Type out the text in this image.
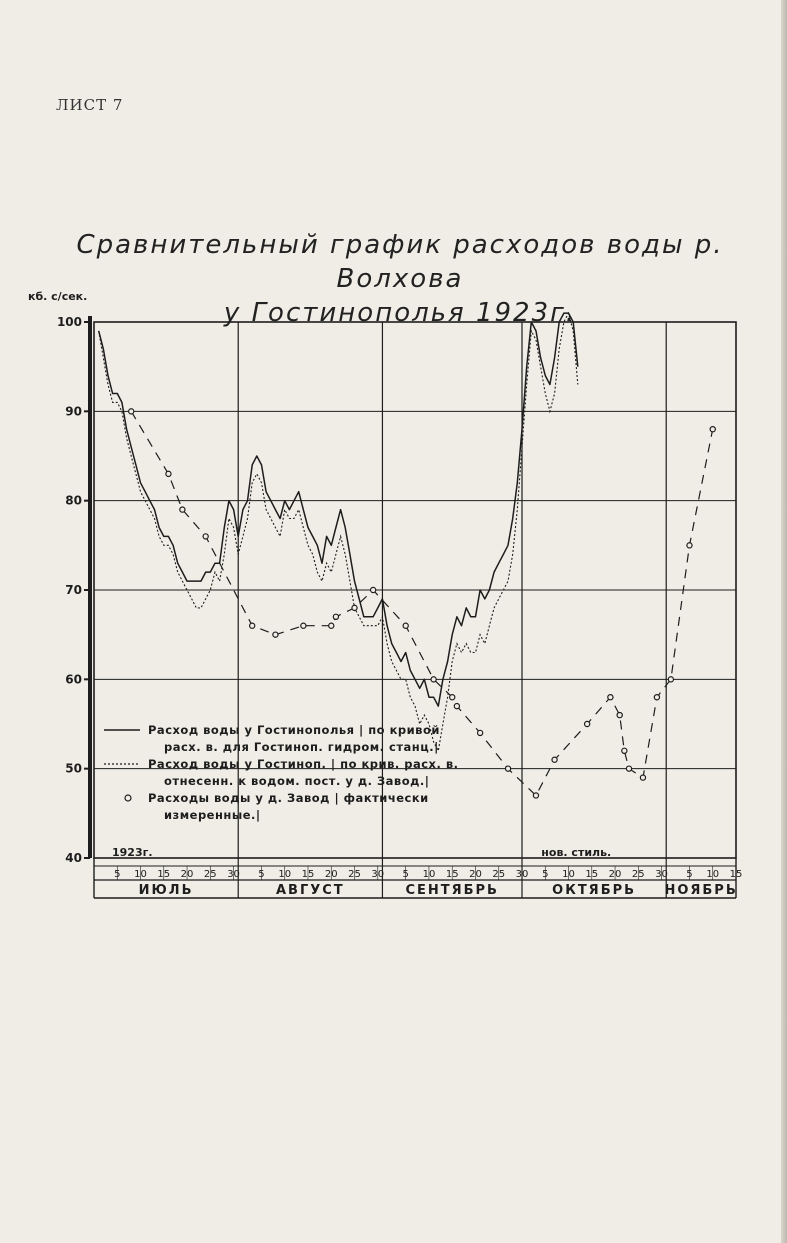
ЛИСТ 7
Сравнительный график расходов воды р. Волхова
у Гостинополья 1923г.
40
50
60
70
80
90
100
кб. с/сек.
1923г.	нов. стиль.
5 10 15 20 25 30
ИЮЛЬ
5 10 15 20 25 30
АВГУСТ
5 10 15 20 25 30
СЕНТЯБРЬ
5 10 15 20 25 30
ОКТЯБРЬ
5 10 15
НОЯБРЬ
Расход воды у Гостинополья | по кривой
расх. в. для Гостиноп. гидром. станц.|
Расход воды у Гостиноп. | по крив. расх. в.
отнесенн. к водом. пост. у д. Завод.|
Расходы воды у д. Завод | фактически
измеренные.|
